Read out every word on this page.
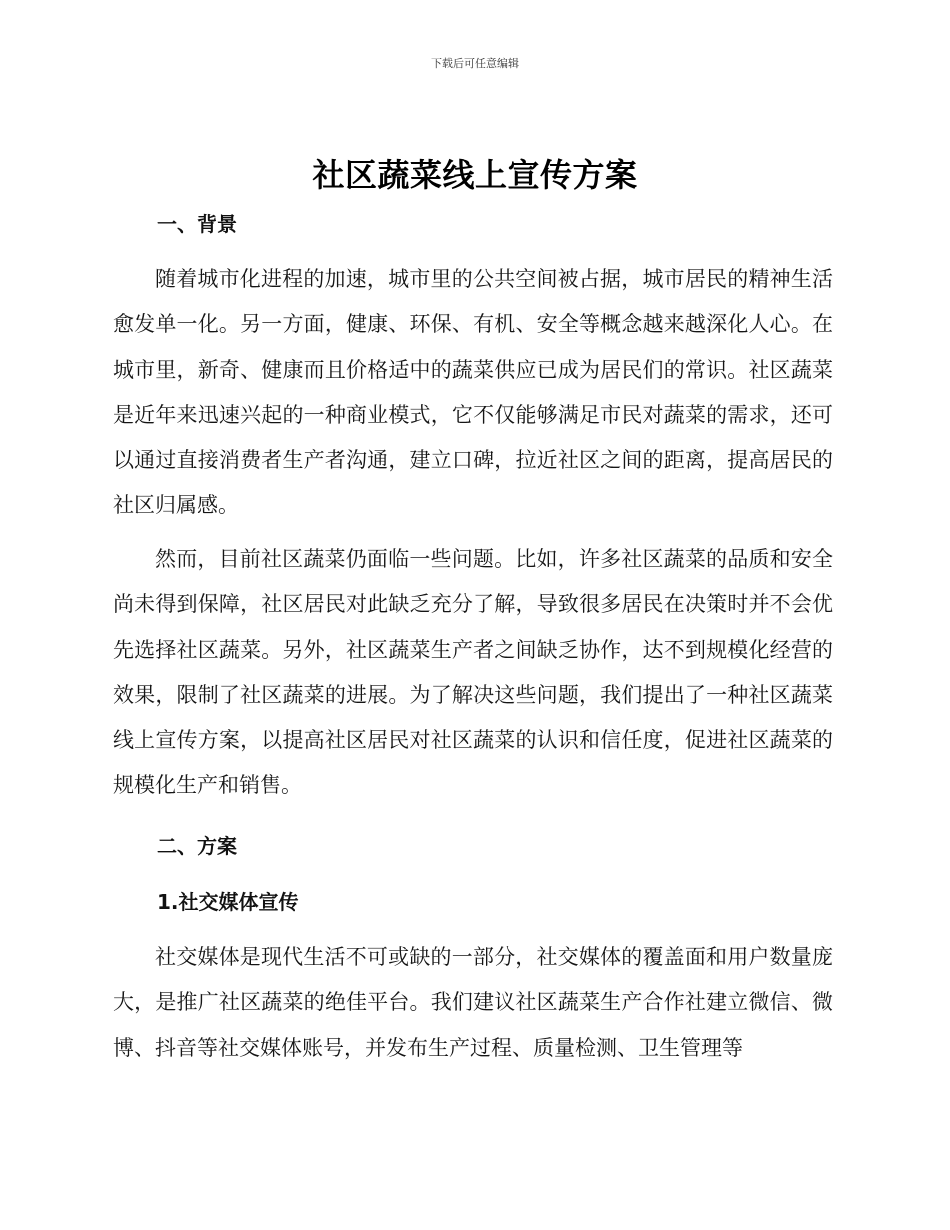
下载后可任意编辑
社区蔬菜线上宣传方案
一、背景

随着城市化进程的加速，城市里的公共空间被占据，城市居民的精神生活愈发单一化。另一方面，健康、环保、有机、安全等概念越来越深化人心。在城市里，新奇、健康而且价格适中的蔬菜供应已成为居民们的常识。社区蔬菜是近年来迅速兴起的一种商业模式，它不仅能够满足市民对蔬菜的需求，还可以通过直接消费者生产者沟通，建立口碑，拉近社区之间的距离，提高居民的社区归属感。

然而，目前社区蔬菜仍面临一些问题。比如，许多社区蔬菜的品质和安全尚未得到保障，社区居民对此缺乏充分了解，导致很多居民在决策时并不会优先选择社区蔬菜。另外，社区蔬菜生产者之间缺乏协作，达不到规模化经营的效果，限制了社区蔬菜的进展。为了解决这些问题，我们提出了一种社区蔬菜线上宣传方案，以提高社区居民对社区蔬菜的认识和信任度，促进社区蔬菜的规模化生产和销售。

二、方案
1.社交媒体宣传

社交媒体是现代生活不可或缺的一部分，社交媒体的覆盖面和用户数量庞大，是推广社区蔬菜的绝佳平台。我们建议社区蔬菜生产合作社建立微信、微博、抖音等社交媒体账号，并发布生产过程、质量检测、卫生管理等
